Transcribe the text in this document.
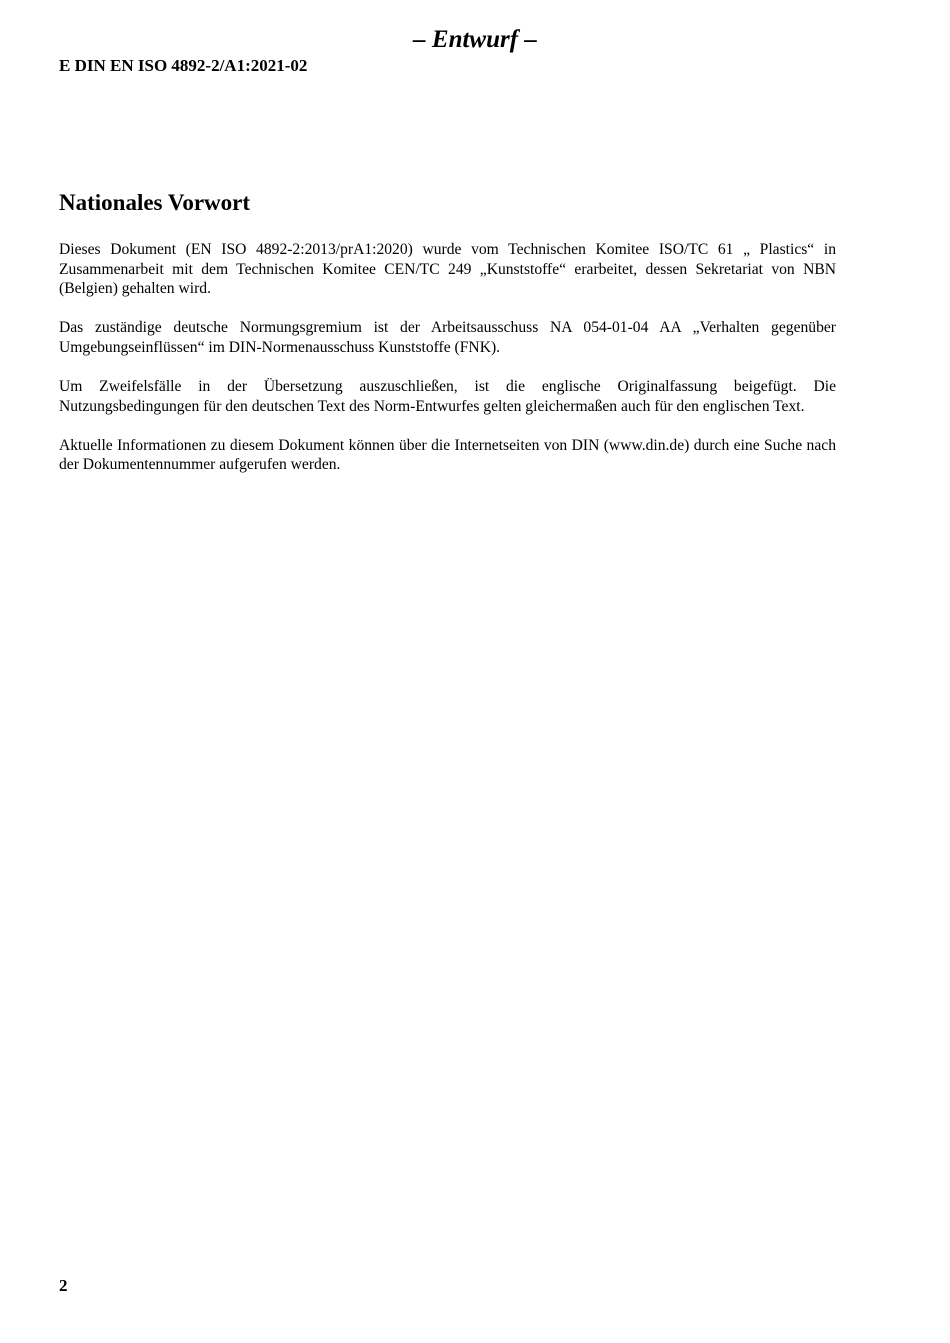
– Entwurf –
E DIN EN ISO 4892-2/A1:2021-02
Nationales Vorwort

Dieses Dokument (EN ISO 4892-2:2013/prA1:2020) wurde vom Technischen Komitee ISO/TC 61 „ Plastics“ in Zusammenarbeit mit dem Technischen Komitee CEN/TC 249 „Kunststoffe“ erarbeitet, dessen Sekretariat von NBN (Belgien) gehalten wird.

Das zuständige deutsche Normungsgremium ist der Arbeitsausschuss NA 054-01-04 AA „Verhalten gegenüber Umgebungseinflüssen“ im DIN-Normenausschuss Kunststoffe (FNK).

Um Zweifelsfälle in der Übersetzung auszuschließen, ist die englische Originalfassung beigefügt. Die Nutzungsbedingungen für den deutschen Text des Norm-Entwurfes gelten gleichermaßen auch für den englischen Text.

Aktuelle Informationen zu diesem Dokument können über die Internetseiten von DIN (www.din.de) durch eine Suche nach der Dokumentennummer aufgerufen werden.

2
